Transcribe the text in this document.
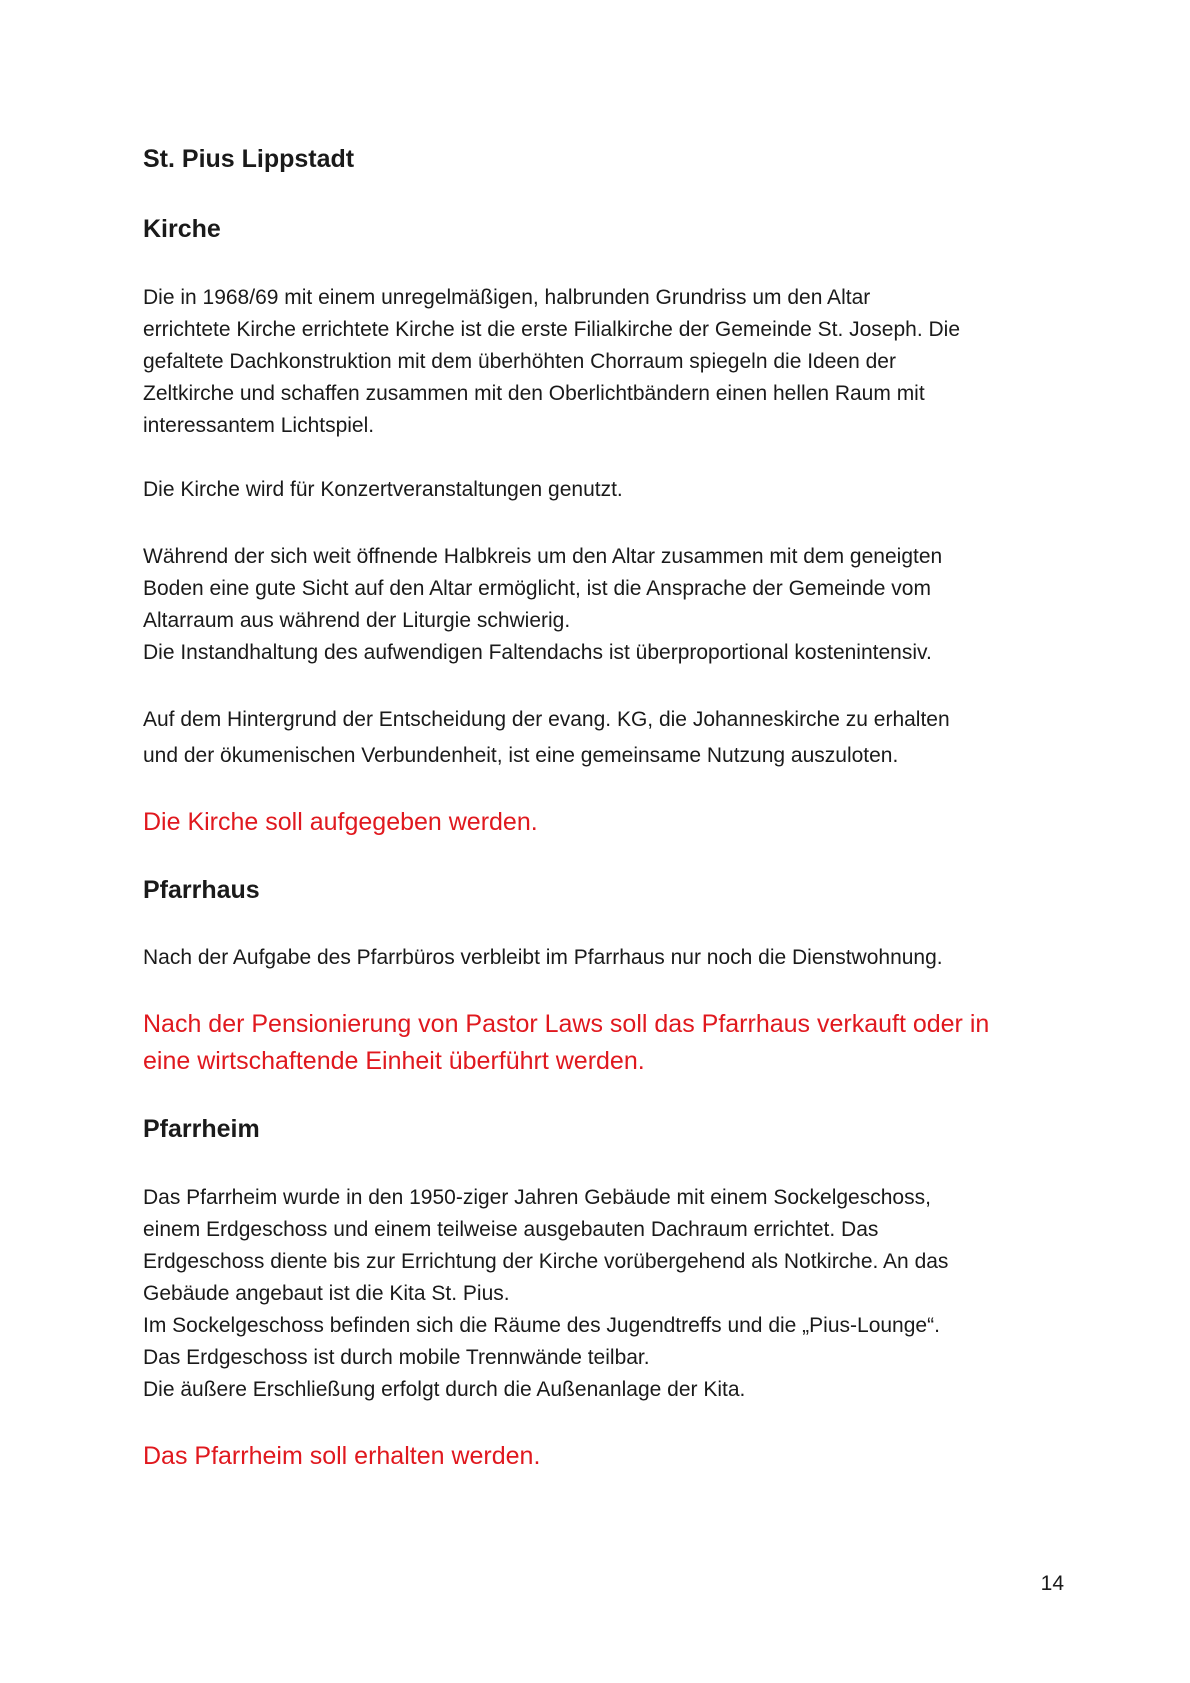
St. Pius Lippstadt
Kirche

Die in 1968/69 mit einem unregelmäßigen, halbrunden Grundriss um den Altar
errichtete Kirche errichtete Kirche ist die erste Filialkirche der Gemeinde St. Joseph. Die
gefaltete Dachkonstruktion mit dem überhöhten Chorraum spiegeln die Ideen der
Zeltkirche und schaffen zusammen mit den Oberlichtbändern einen hellen Raum mit
interessantem Lichtspiel.

Die Kirche wird für Konzertveranstaltungen genutzt.

Während der sich weit öffnende Halbkreis um den Altar zusammen mit dem geneigten
Boden eine gute Sicht auf den Altar ermöglicht, ist die Ansprache der Gemeinde vom
Altarraum aus während der Liturgie schwierig.
Die Instandhaltung des aufwendigen Faltendachs ist überproportional kostenintensiv.

Auf dem Hintergrund der Entscheidung der evang. KG, die Johanneskirche zu erhalten
und der ökumenischen Verbundenheit, ist eine gemeinsame Nutzung auszuloten.

Die Kirche soll aufgegeben werden.

Pfarrhaus

Nach der Aufgabe des Pfarrbüros verbleibt im Pfarrhaus nur noch die Dienstwohnung.

Nach der Pensionierung von Pastor Laws soll das Pfarrhaus verkauft oder in
eine wirtschaftende Einheit überführt werden.

Pfarrheim

Das Pfarrheim wurde in den 1950-ziger Jahren Gebäude mit einem Sockelgeschoss,
einem Erdgeschoss und einem teilweise ausgebauten Dachraum errichtet. Das
Erdgeschoss diente bis zur Errichtung der Kirche vorübergehend als Notkirche. An das
Gebäude angebaut ist die Kita St. Pius.
Im Sockelgeschoss befinden sich die Räume des Jugendtreffs und die „Pius-Lounge“.
Das Erdgeschoss ist durch mobile Trennwände teilbar.
Die äußere Erschließung erfolgt durch die Außenanlage der Kita.

Das Pfarrheim soll erhalten werden.

14
